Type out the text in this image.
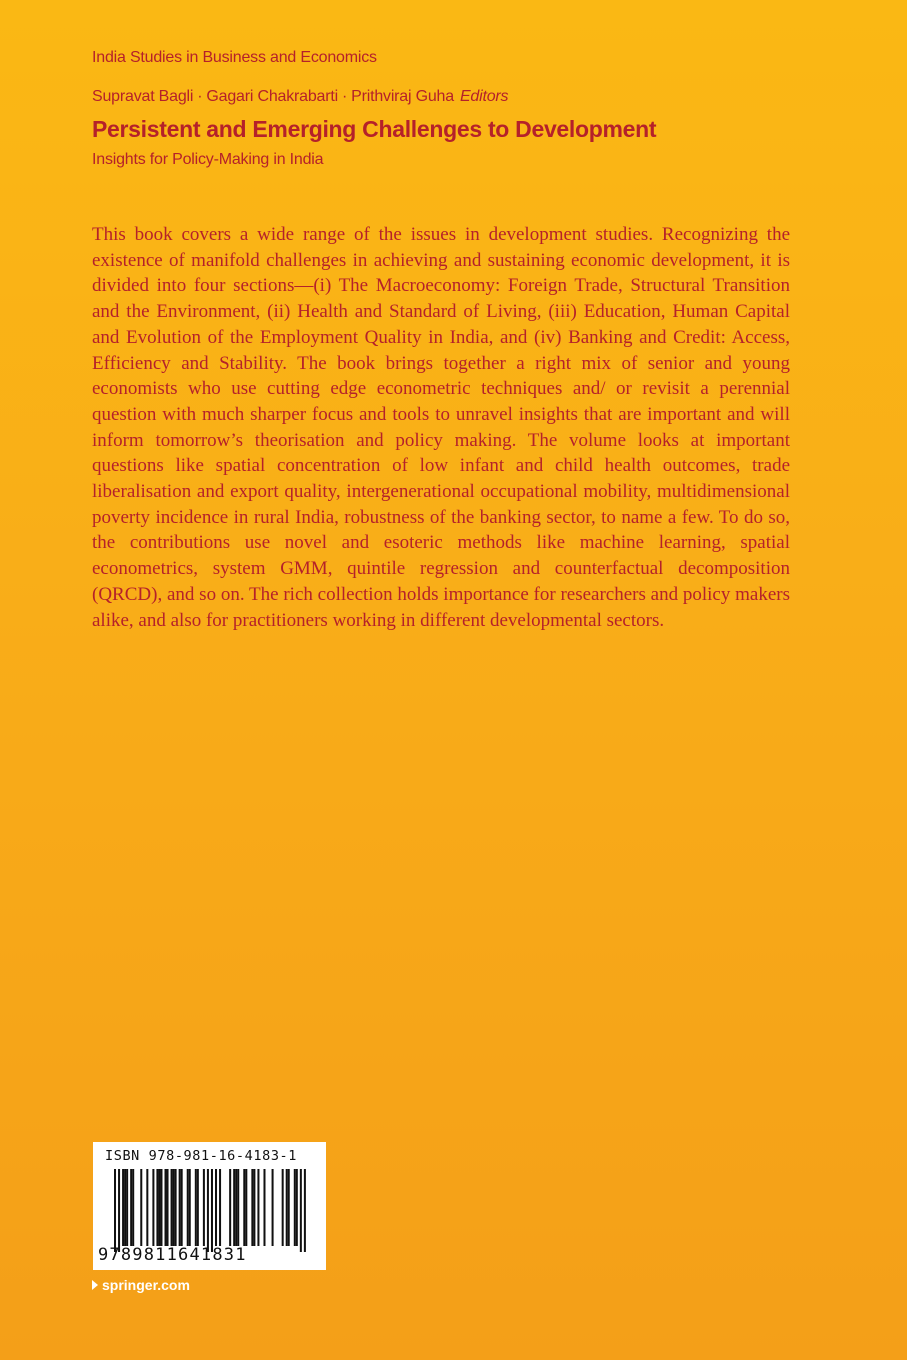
India Studies in Business and Economics
Supravat Bagli · Gagari Chakrabarti · Prithviraj Guha Editors
Persistent and Emerging Challenges to Development
Insights for Policy-Making in India

This book covers a wide range of the issues in development studies. Recognizing the existence of manifold challenges in achieving and sustaining economic development, it is divided into four sections—(i) The Macroeconomy: Foreign Trade, Structural Transition and the Environment, (ii) Health and Standard of Living, (iii) Education, Human Capital and Evolution of the Employment Quality in India, and (iv) Banking and Credit: Access, Efficiency and Stability. The book brings together a right mix of senior and young economists who use cutting edge econometric techniques and/ or revisit a perennial question with much sharper focus and tools to unravel insights that are important and will inform tomorrow’s theorisation and policy making. The volume looks at important questions like spatial concentration of low infant and child health outcomes, trade liberalisation and export quality, intergenerational occupational mobility, multidimensional poverty incidence in rural India, robustness of the banking sector, to name a few. To do so, the contributions use novel and esoteric methods like machine learning, spatial econometrics, system GMM, quintile regression and counterfactual decomposition (QRCD), and so on. The rich collection holds importance for researchers and policy makers alike, and also for practitioners working in different developmental sectors.

ISBN 978-981-16-4183-1
9789811641831
springer.com
